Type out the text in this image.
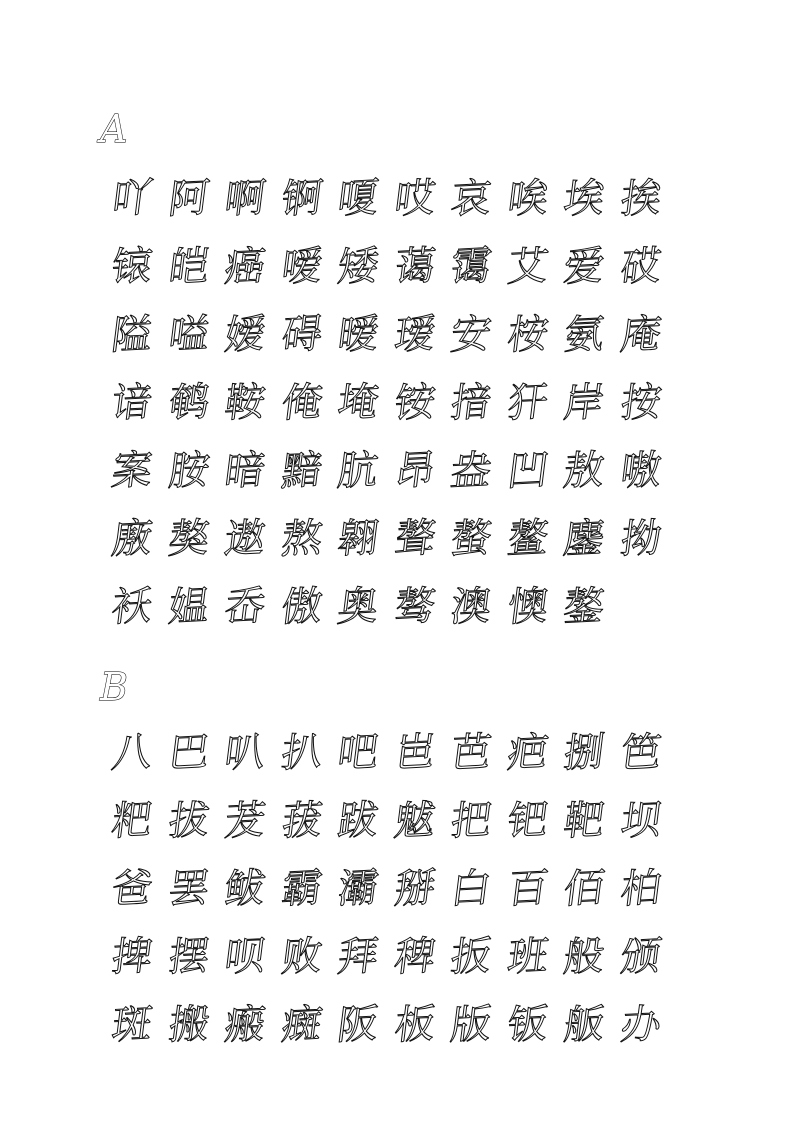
A
吖 阿 啊 锕 嗄 哎 哀 唉 埃 挨
锿 皑 癌 嗳 矮 蔼 霭 艾 爱 砹
隘 嗌 嫒 碍 暧 瑷 安 桉 氨 庵
谙 鹌 鞍 俺 埯 铵 揞 犴 岸 按
案 胺 暗 黯 肮 昂 盎 凹 敖 嗷
廒 獒 遨 熬 翱 聱 螯 鳌 鏖 拗
袄 媪 岙 傲 奥 骜 澳 懊 鏊
B
八 巴 叭 扒 吧 岜 芭 疤 捌 笆
粑 拔 茇 菝 跋 魃 把 钯 靶 坝
爸 罢 鲅 霸 灞 掰 白 百 佰 柏
捭 摆 呗 败 拜 稗 扳 班 般 颁
斑 搬 瘢 癍 阪 板 版 钣 舨 办
